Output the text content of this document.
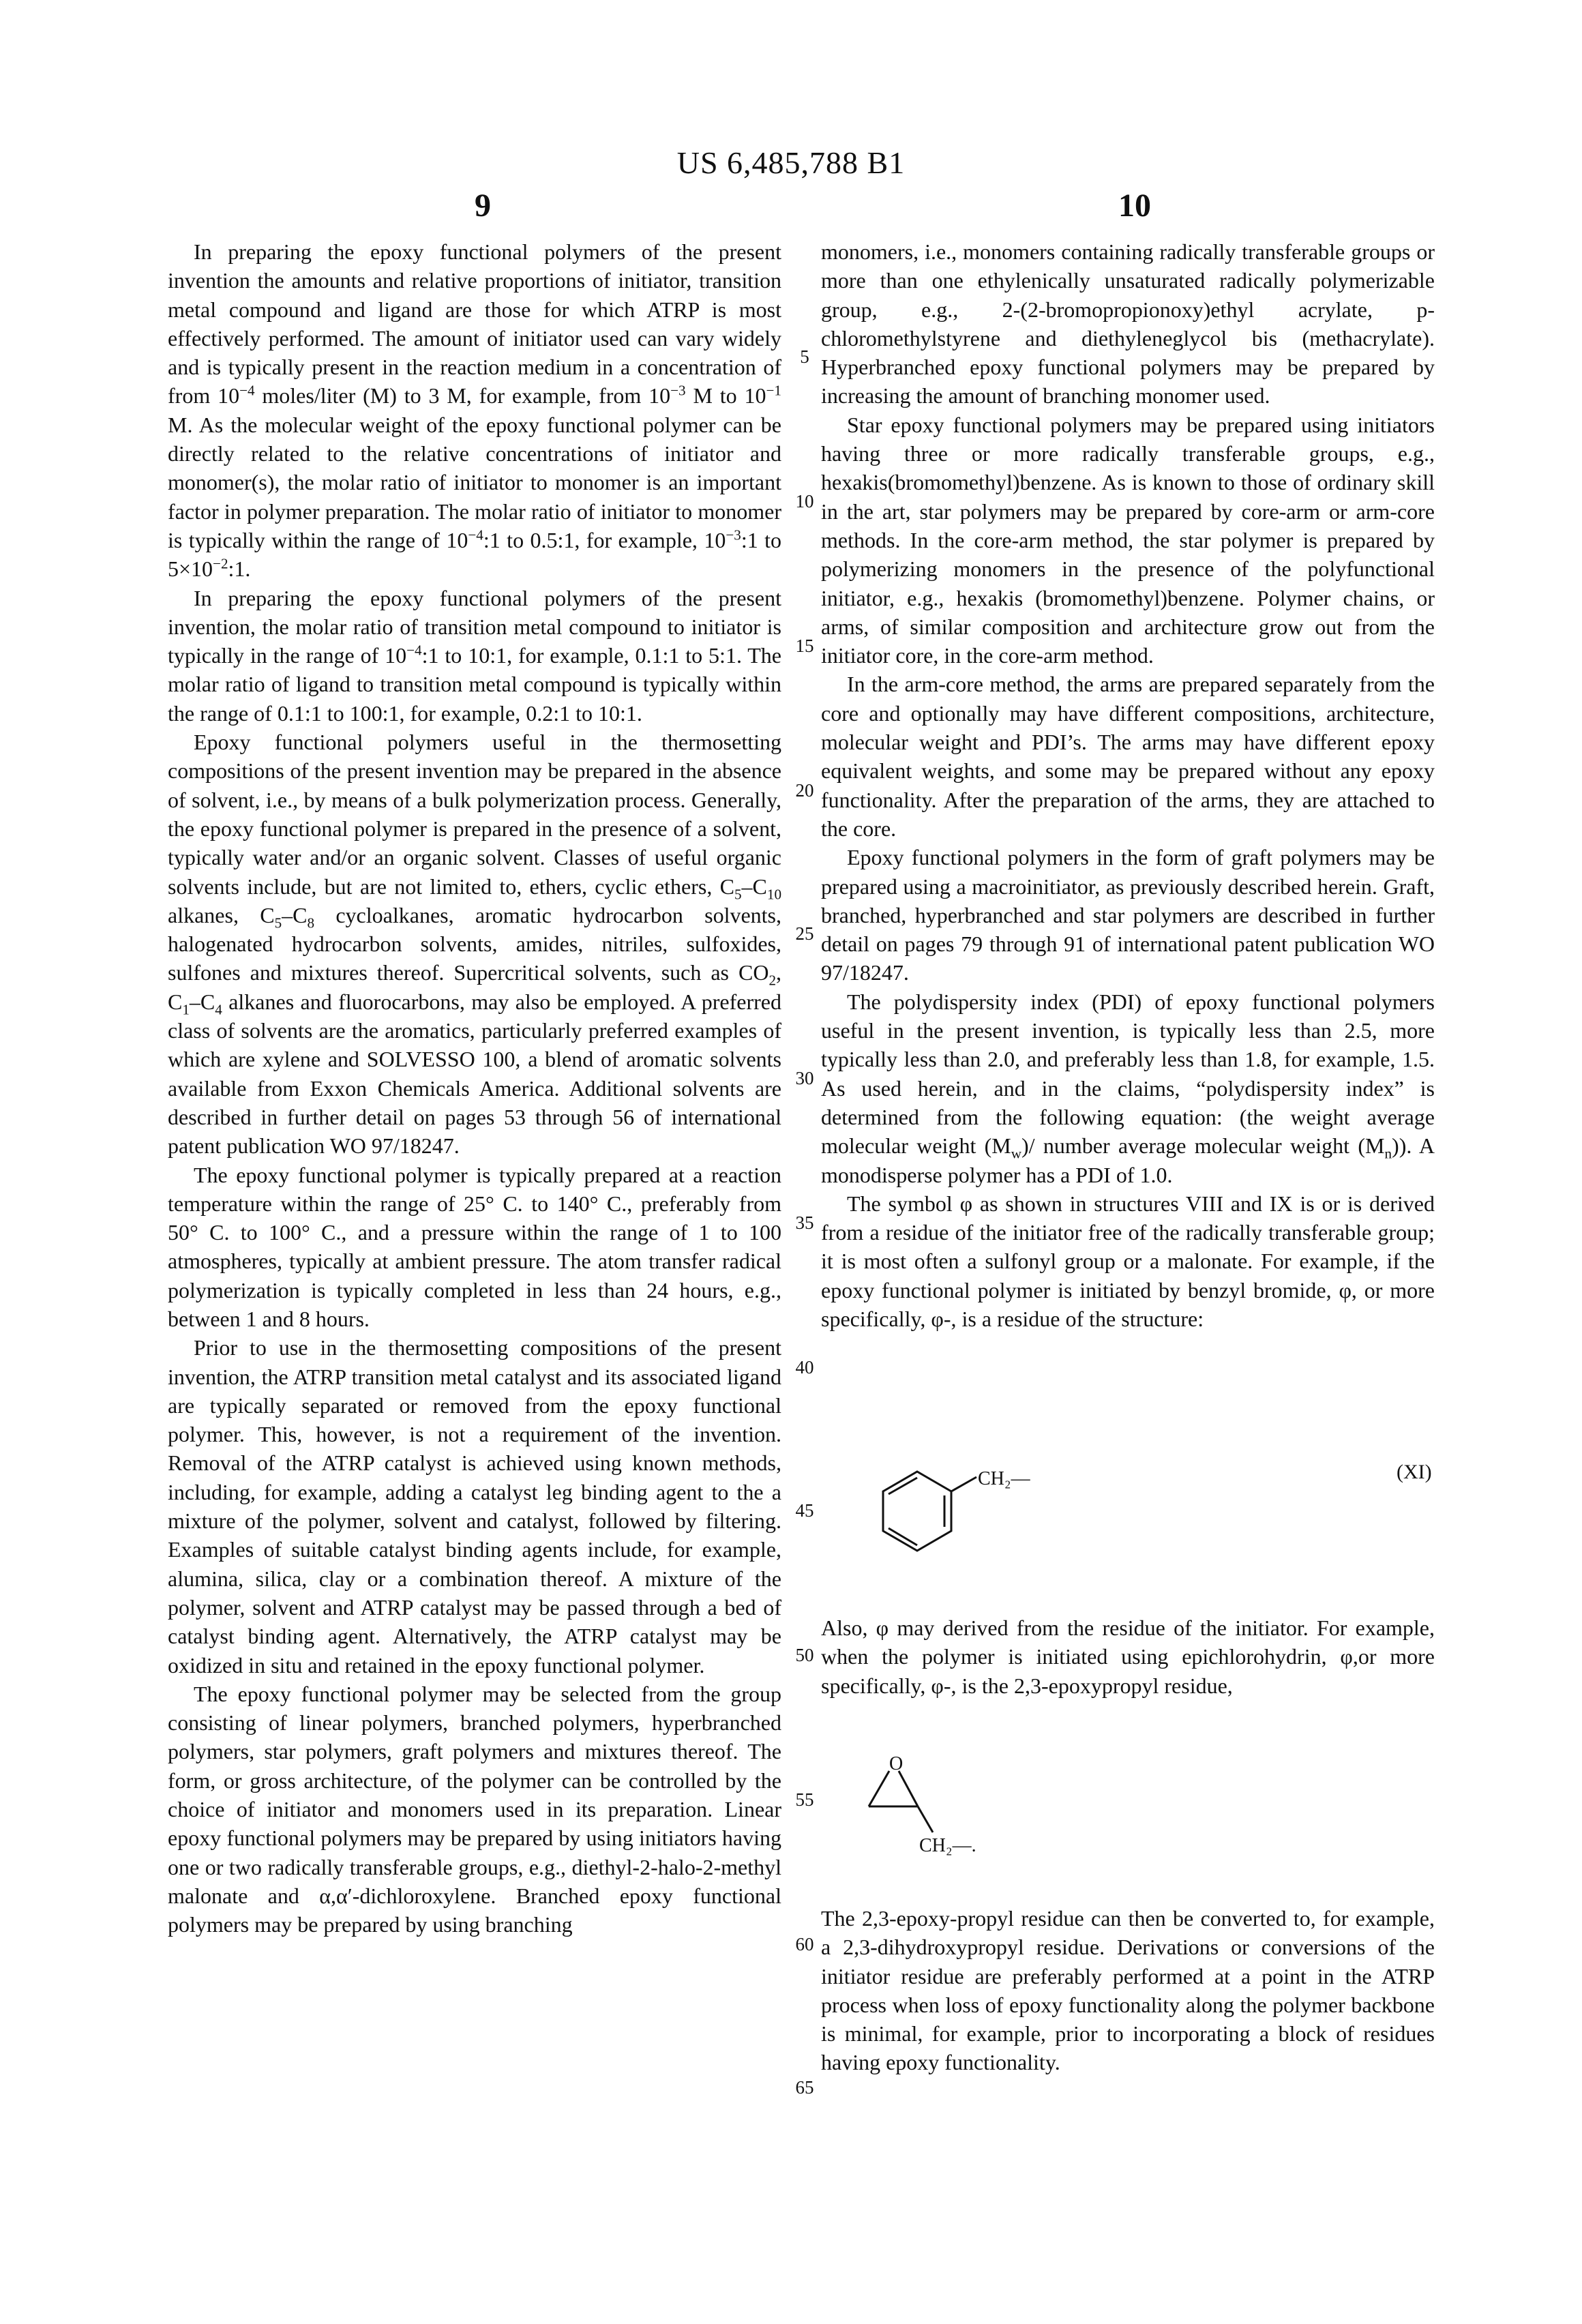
US 6,485,788 B1
9	10

In preparing the epoxy functional polymers of the present invention the amounts and relative proportions of initiator, transition metal compound and ligand are those for which ATRP is most effectively performed. The amount of initiator used can vary widely and is typically present in the reaction medium in a concentration of from $10^{-4}$ moles/liter (M) to 3 M, for example, from $10^{-3}$ M to $10^{-1}$ M. As the molecular weight of the epoxy functional polymer can be directly related to the relative concentrations of initiator and monomer(s), the molar ratio of initiator to monomer is an important factor in polymer preparation. The molar ratio of initiator to monomer is typically within the range of $10^{-4}:1$ to 0.5:1, for example, $10^{-3}:1$ to $5\times 10^{-2}:1$.

In preparing the epoxy functional polymers of the present invention, the molar ratio of transition metal compound to initiator is typically in the range of $10^{-4}:1$ to 10:1, for example, 0.1:1 to 5:1. The molar ratio of ligand to transition metal compound is typically within the range of 0.1:1 to 100:1, for example, 0.2:1 to 10:1.

Epoxy functional polymers useful in the thermosetting compositions of the present invention may be prepared in the absence of solvent, i.e., by means of a bulk polymerization process. Generally, the epoxy functional polymer is prepared in the presence of a solvent, typically water and/or an organic solvent. Classes of useful organic solvents include, but are not limited to, ethers, cyclic ethers, $C_5-C_{10}$ alkanes, $C_5-C_8$ cycloalkanes, aromatic hydrocarbon solvents, halogenated hydrocarbon solvents, amides, nitriles, sulfoxides, sulfones and mixtures thereof. Supercritical solvents, such as $CO_2$, $C_1-C_4$ alkanes and fluorocarbons, may also be employed. A preferred class of solvents are the aromatics, particularly preferred examples of which are xylene and SOLVESSO 100, a blend of aromatic solvents available from Exxon Chemicals America. Additional solvents are described in further detail on pages 53 through 56 of international patent publication WO 97/18247.

The epoxy functional polymer is typically prepared at a reaction temperature within the range of 25° C. to 140° C., preferably from 50° C. to 100° C., and a pressure within the range of 1 to 100 atmospheres, typically at ambient pressure. The atom transfer radical polymerization is typically completed in less than 24 hours, e.g., between 1 and 8 hours.

Prior to use in the thermosetting compositions of the present invention, the ATRP transition metal catalyst and its associated ligand are typically separated or removed from the epoxy functional polymer. This, however, is not a requirement of the invention. Removal of the ATRP catalyst is achieved using known methods, including, for example, adding a catalyst leg binding agent to the a mixture of the polymer, solvent and catalyst, followed by filtering. Examples of suitable catalyst binding agents include, for example, alumina, silica, clay or a combination thereof. A mixture of the polymer, solvent and ATRP catalyst may be passed through a bed of catalyst binding agent. Alternatively, the ATRP catalyst may be oxidized in situ and retained in the epoxy functional polymer.

The epoxy functional polymer may be selected from the group consisting of linear polymers, branched polymers, hyperbranched polymers, star polymers, graft polymers and mixtures thereof. The form, or gross architecture, of the polymer can be controlled by the choice of initiator and monomers used in its preparation. Linear epoxy functional polymers may be prepared by using initiators having one or two radically transferable groups, e.g., diethyl-2-halo-2-methyl malonate and α,α′-dichloroxylene. Branched epoxy functional polymers may be prepared by using branching

monomers, i.e., monomers containing radically transferable groups or more than one ethylenically unsaturated radically polymerizable group, e.g., 2-(2-bromopropionoxy)ethyl acrylate, p-chloromethylstyrene and diethyleneglycol bis (methacrylate). Hyperbranched epoxy functional polymers may be prepared by increasing the amount of branching monomer used.

Star epoxy functional polymers may be prepared using initiators having three or more radically transferable groups, e.g., hexakis(bromomethyl)benzene. As is known to those of ordinary skill in the art, star polymers may be prepared by core-arm or arm-core methods. In the core-arm method, the star polymer is prepared by polymerizing monomers in the presence of the polyfunctional initiator, e.g., hexakis (bromomethyl)benzene. Polymer chains, or arms, of similar composition and architecture grow out from the initiator core, in the core-arm method.

In the arm-core method, the arms are prepared separately from the core and optionally may have different compositions, architecture, molecular weight and PDI’s. The arms may have different epoxy equivalent weights, and some may be prepared without any epoxy functionality. After the preparation of the arms, they are attached to the core.

Epoxy functional polymers in the form of graft polymers may be prepared using a macroinitiator, as previously described herein. Graft, branched, hyperbranched and star polymers are described in further detail on pages 79 through 91 of international patent publication WO 97/18247.

The polydispersity index (PDI) of epoxy functional polymers useful in the present invention, is typically less than 2.5, more typically less than 2.0, and preferably less than 1.8, for example, 1.5. As used herein, and in the claims, “polydispersity index” is determined from the following equation: (the weight average molecular weight $(M_w)/$ number average molecular weight $(M_n)$). A monodisperse polymer has a PDI of 1.0.

The symbol φ as shown in structures VIII and IX is or is derived from a residue of the initiator free of the radically transferable group; it is most often a sulfonyl group or a malonate. For example, if the epoxy functional polymer is initiated by benzyl bromide, φ, or more specifically, φ-, is a residue of the structure:

(XI)
CH₂—

Also, φ may derived from the residue of the initiator. For example, when the polymer is initiated using epichlorohydrin, φ,or more specifically, φ-, is the 2,3-epoxypropyl residue,

O
CH₂—.

The 2,3-epoxy-propyl residue can then be converted to, for example, a 2,3-dihydroxypropyl residue. Derivations or conversions of the initiator residue are preferably performed at a point in the ATRP process when loss of epoxy functionality along the polymer backbone is minimal, for example, prior to incorporating a block of residues having epoxy functionality.

5
10
15
20
25
30
35
40
45
50
55
60
65
